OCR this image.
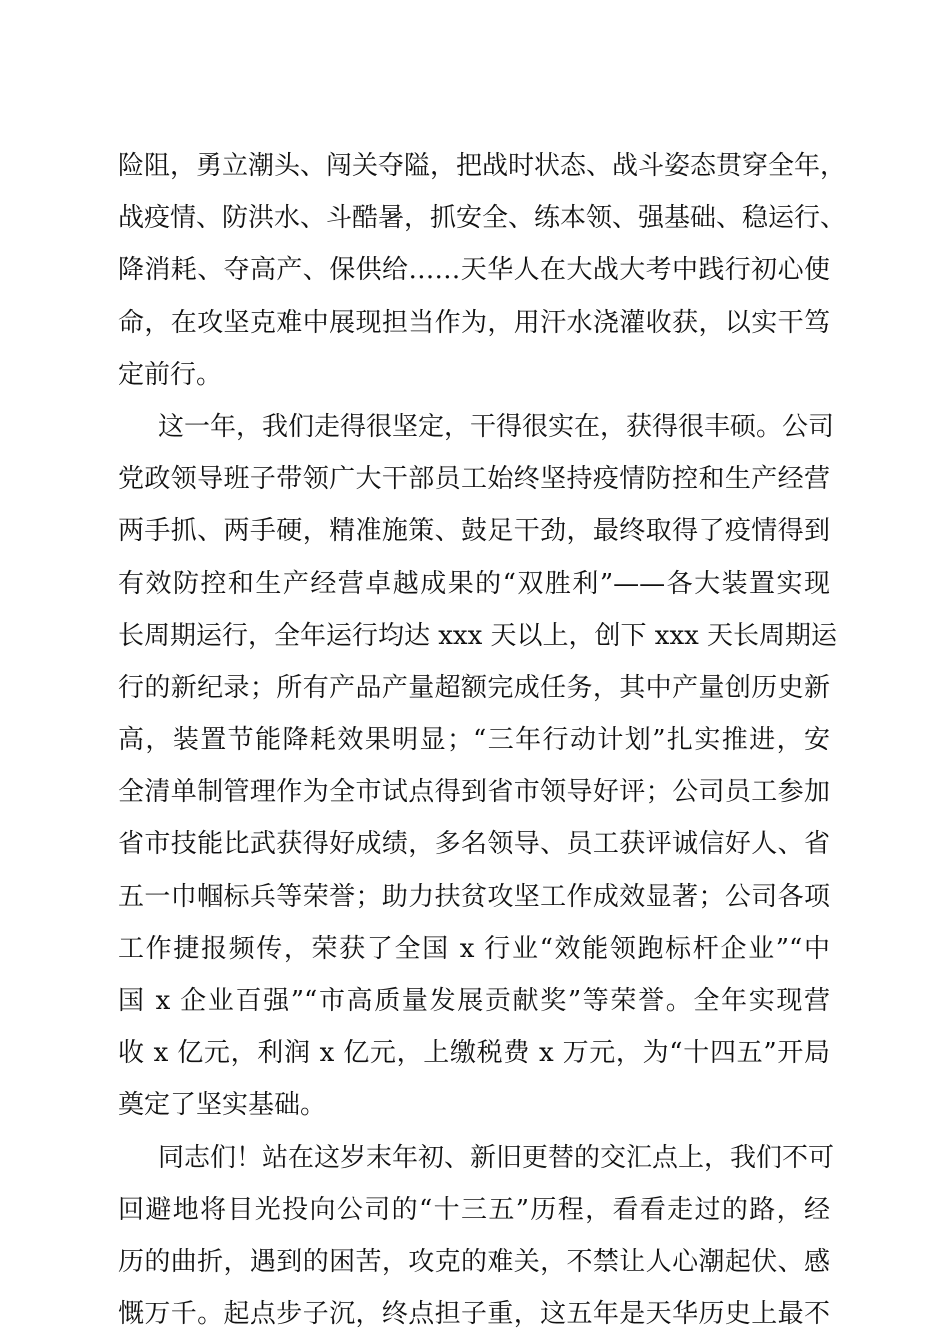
险阻，勇立潮头、闯关夺隘，把战时状态、战斗姿态贯穿全年，
战疫情、防洪水、斗酷暑，抓安全、练本领、强基础、稳运行、
降消耗、夺高产、保供给……天华人在大战大考中践行初心使
命，在攻坚克难中展现担当作为，用汗水浇灌收获，以实干笃
定前行。
这一年，我们走得很坚定，干得很实在，获得很丰硕。公司
党政领导班子带领广大干部员工始终坚持疫情防控和生产经营
两手抓、两手硬，精准施策、鼓足干劲，最终取得了疫情得到
有效防控和生产经营卓越成果的“双胜利”——各大装置实现
长周期运行，全年运行均达 xxx 天以上，创下 xxx 天长周期运
行的新纪录；所有产品产量超额完成任务，其中产量创历史新
高，装置节能降耗效果明显；“三年行动计划”扎实推进，安
全清单制管理作为全市试点得到省市领导好评；公司员工参加
省市技能比武获得好成绩，多名领导、员工获评诚信好人、省
五一巾帼标兵等荣誉；助力扶贫攻坚工作成效显著；公司各项
工作捷报频传，荣获了全国 x 行业“效能领跑标杆企业”“中
国 x 企业百强”“市高质量发展贡献奖”等荣誉。全年实现营
收 x 亿元，利润 x 亿元，上缴税费 x 万元，为“十四五”开局
奠定了坚实基础。
同志们！站在这岁末年初、新旧更替的交汇点上，我们不可
回避地将目光投向公司的“十三五”历程，看看走过的路，经
历的曲折，遇到的困苦，攻克的难关，不禁让人心潮起伏、感
慨万千。起点步子沉，终点担子重，这五年是天华历史上最不
